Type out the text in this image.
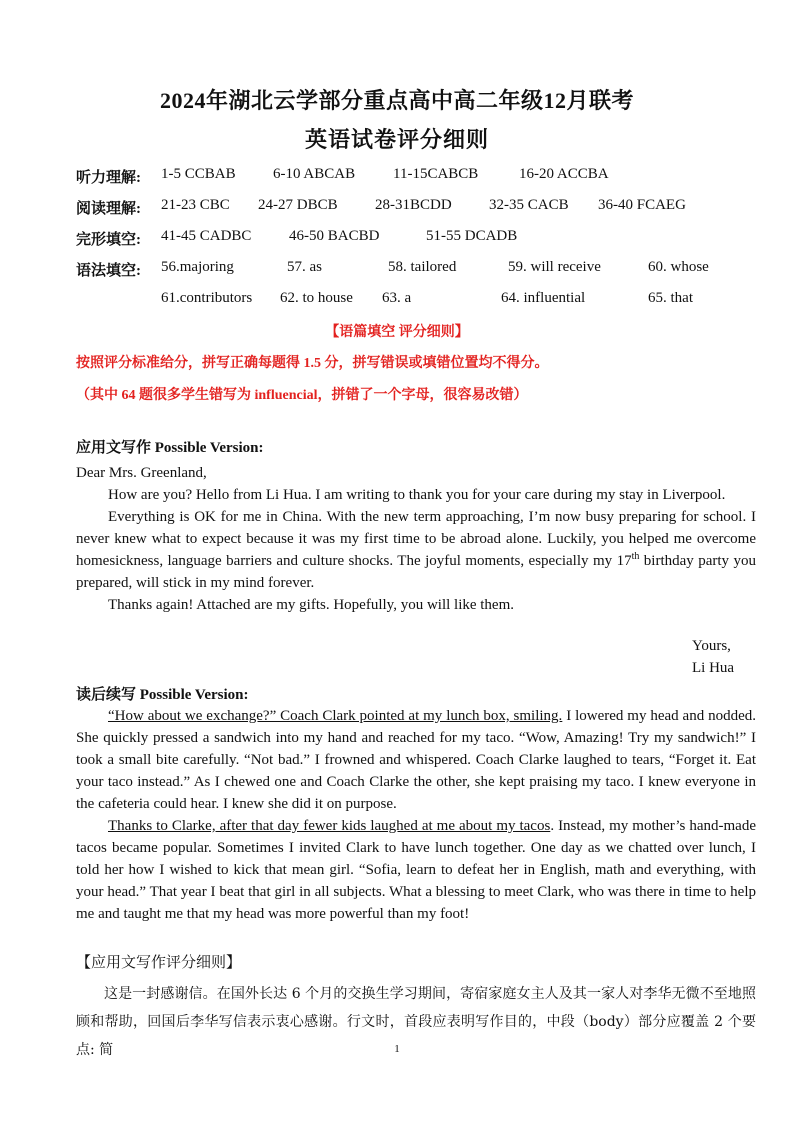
2024年湖北云学部分重点高中高二年级12月联考
英语试卷评分细则
听力理解: 1-5 CCBAB 6-10 ABCAB	11-15CABCB	16-20 ACCBA
阅读理解: 21-23 CBC 24-27 DBCB 28-31BCDD 32-35 CACB 36-40 FCAEG
完形填空: 41-45 CADBC	46-50 BACBD	51-55 DCADB
语法填空: 56.majoring	57. as	58. tailored	59. will receive	60. whose
61.contributors 62. to house 63. a	64. influential	65. that
【语篇填空 评分细则】
按照评分标准给分，拼写正确每题得 1.5 分，拼写错误或填错位置均不得分。
（其中 64 题很多学生错写为 influencial，拼错了一个字母，很容易改错）
应用文写作 Possible Version:

Dear Mrs. Greenland,

How are you? Hello from Li Hua. I am writing to thank you for your care during my stay in Liverpool.

Everything is OK for me in China. With the new term approaching, I’m now busy preparing for school. I never knew what to expect because it was my first time to be abroad alone. Luckily, you helped me overcome homesickness, language barriers and culture shocks. The joyful moments, especially my 17th birthday party you prepared, will stick in my mind forever.

Thanks again! Attached are my gifts. Hopefully, you will like them.

Yours,
Li Hua
读后续写 Possible Version:

“How about we exchange?” Coach Clark pointed at my lunch box, smiling. I lowered my head and nodded. She quickly pressed a sandwich into my hand and reached for my taco. “Wow, Amazing! Try my sandwich!” I took a small bite carefully. “Not bad.” I frowned and whispered. Coach Clarke laughed to tears, “Forget it. Eat your taco instead.” As I chewed one and Coach Clarke the other, she kept praising my taco. I knew everyone in the cafeteria could hear. I knew she did it on purpose.

Thanks to Clarke, after that day fewer kids laughed at me about my tacos. Instead, my mother’s hand-made tacos became popular. Sometimes I invited Clark to have lunch together. One day as we chatted over lunch, I told her how I wished to kick that mean girl. “Sofia, learn to defeat her in English, math and everything, with your head.” That year I beat that girl in all subjects. What a blessing to meet Clark, who was there in time to help me and taught me that my head was more powerful than my foot!

【应用文写作评分细则】
这是一封感谢信。在国外长达 6 个月的交换生学习期间，寄宿家庭女主人及其一家人对李华无微不至地照顾和帮助，回国后李华写信表示衷心感谢。行文时，首段应表明写作目的，中段（body）部分应覆盖 2 个要点: 简	1
